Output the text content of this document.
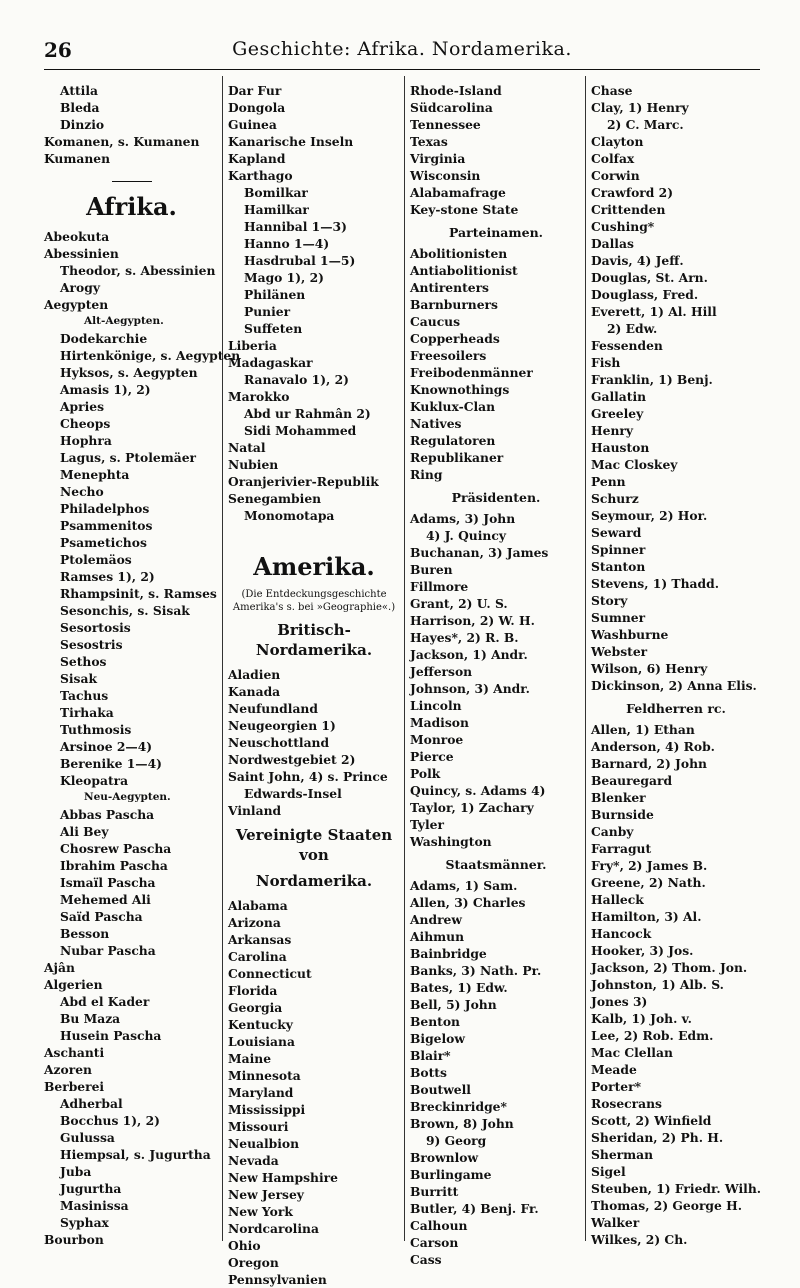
26	Geschichte: Afrika. Nordamerika.
Attila
Bleda
Dinzio
Komanen, s. Kumanen
Kumanen
Afrika.
Abeokuta
Abessinien
Theodor, s. Abessinien
Arogy
Aegypten
Alt-Aegypten.
Dodekarchie
Hirtenkönige, s. Aegypten
Hyksos, s. Aegypten
Amasis 1), 2)
Apries
Cheops
Hophra
Lagus, s. Ptolemäer
Menephta
Necho
Philadelphos
Psammenitos
Psametichos
Ptolemäos
Ramses 1), 2)
Rhampsinit, s. Ramses
Sesonchis, s. Sisak
Sesortosis
Sesostris
Sethos
Sisak
Tachus
Tirhaka
Tuthmosis
Arsinoe 2—4)
Berenike 1—4)
Kleopatra
Neu-Aegypten.
Abbas Pascha
Ali Bey
Chosrew Pascha
Ibrahim Pascha
Ismaïl Pascha
Mehemed Ali
Saïd Pascha
Besson
Nubar Pascha
Ajân
Algerien
Abd el Kader
Bu Maza
Husein Pascha
Aschanti
Azoren
Berberei
Adherbal
Bocchus 1), 2)
Gulussa
Hiempsal, s. Jugurtha
Juba
Jugurtha
Masinissa
Syphax
Bourbon
Dar Fur
Dongola
Guinea
Kanarische Inseln
Kapland
Karthago
Bomilkar
Hamilkar
Hannibal 1—3)
Hanno 1—4)
Hasdrubal 1—5)
Mago 1), 2)
Philänen
Punier
Suffeten
Liberia
Madagaskar
Ranavalo 1), 2)
Marokko
Abd ur Rahmân 2)
Sidi Mohammed
Natal
Nubien
Oranjerivier-Republik
Senegambien
Monomotapa
Amerika.
(Die Entdeckungsgeschichte Amerika's s. bei »Geographie«.)
Britisch-Nordamerika.
Aladien
Kanada
Neufundland
Neugeorgien 1)
Neuschottland
Nordwestgebiet 2)
Saint John, 4) s. Prince
Edwards-Insel
Vinland
Vereinigte Staaten von
Nordamerika.
Alabama
Arizona
Arkansas
Carolina
Connecticut
Florida
Georgia
Kentucky
Louisiana
Maine
Minnesota
Maryland
Mississippi
Missouri
Neualbion
Nevada
New Hampshire
New Jersey
New York
Nordcarolina
Ohio
Oregon
Pennsylvanien
Rhode-Island
Südcarolina
Tennessee
Texas
Virginia
Wisconsin
Alabamafrage
Key-stone State
Parteinamen.
Abolitionisten
Antiabolitionist
Antirenters
Barnburners
Caucus
Copperheads
Freesoilers
Freibodenmänner
Knownothings
Kuklux-Clan
Natives
Regulatoren
Republikaner
Ring
Präsidenten.
Adams, 3) John
4) J. Quincy
Buchanan, 3) James
Buren
Fillmore
Grant, 2) U. S.
Harrison, 2) W. H.
Hayes*, 2) R. B.
Jackson, 1) Andr.
Jefferson
Johnson, 3) Andr.
Lincoln
Madison
Monroe
Pierce
Polk
Quincy, s. Adams 4)
Taylor, 1) Zachary
Tyler
Washington
Staatsmänner.
Adams, 1) Sam.
Allen, 3) Charles
Andrew
Aihmun
Bainbridge
Banks, 3) Nath. Pr.
Bates, 1) Edw.
Bell, 5) John
Benton
Bigelow
Blair*
Botts
Boutwell
Breckinridge*
Brown, 8) John
9) Georg
Brownlow
Burlingame
Burritt
Butler, 4) Benj. Fr.
Calhoun
Carson
Cass
Chase
Clay, 1) Henry
2) C. Marc.
Clayton
Colfax
Corwin
Crawford 2)
Crittenden
Cushing*
Dallas
Davis, 4) Jeff.
Douglas, St. Arn.
Douglass, Fred.
Everett, 1) Al. Hill
2) Edw.
Fessenden
Fish
Franklin, 1) Benj.
Gallatin
Greeley
Henry
Hauston
Mac Closkey
Penn
Schurz
Seymour, 2) Hor.
Seward
Spinner
Stanton
Stevens, 1) Thadd.
Story
Sumner
Washburne
Webster
Wilson, 6) Henry
Dickinson, 2) Anna Elis.
Feldherren rc.
Allen, 1) Ethan
Anderson, 4) Rob.
Barnard, 2) John
Beauregard
Blenker
Burnside
Canby
Farragut
Fry*, 2) James B.
Greene, 2) Nath.
Halleck
Hamilton, 3) Al.
Hancock
Hooker, 3) Jos.
Jackson, 2) Thom. Jon.
Johnston, 1) Alb. S.
Jones 3)
Kalb, 1) Joh. v.
Lee, 2) Rob. Edm.
Mac Clellan
Meade
Porter*
Rosecrans
Scott, 2) Winfield
Sheridan, 2) Ph. H.
Sherman
Sigel
Steuben, 1) Friedr. Wilh.
Thomas, 2) George H.
Walker
Wilkes, 2) Ch.
